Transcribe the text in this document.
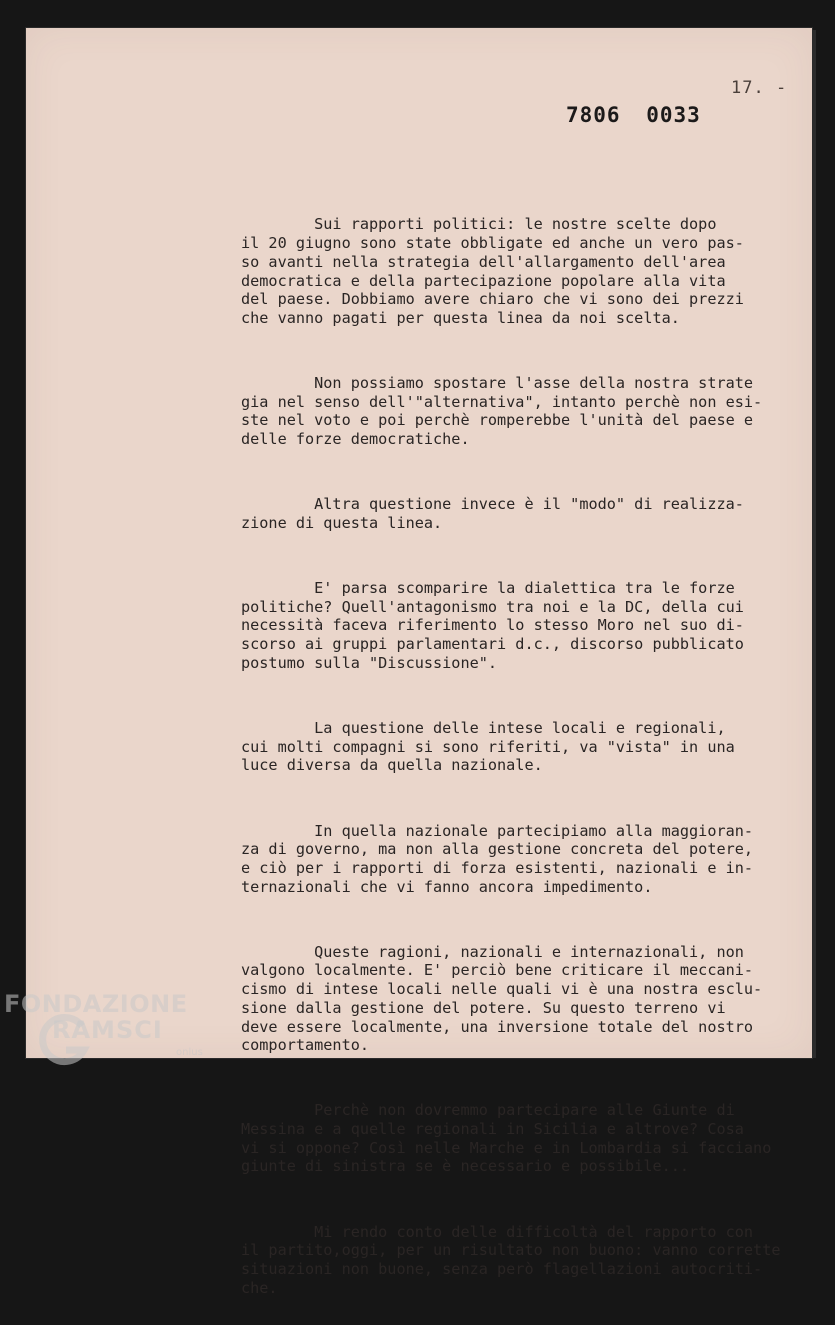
17. -
7806 0033

Sui rapporti politici: le nostre scelte dopo
il 20 giugno sono state obbligate ed anche un vero pas-
so avanti nella strategia dell'allargamento dell'area
democratica e della partecipazione popolare alla vita
del paese. Dobbiamo avere chiaro che vi sono dei prezzi
che vanno pagati per questa linea da noi scelta.

Non possiamo spostare l'asse della nostra strate
gia nel senso dell'"alternativa", intanto perchè non esi-
ste nel voto e poi perchè romperebbe l'unità del paese e
delle forze democratiche.

Altra questione invece è il "modo" di realizza-
zione di questa linea.

E' parsa scomparire la dialettica tra le forze
politiche? Quell'antagonismo tra noi e la DC, della cui
necessità faceva riferimento lo stesso Moro nel suo di-
scorso ai gruppi parlamentari d.c., discorso pubblicato
postumo sulla "Discussione".

La questione delle intese locali e regionali,
cui molti compagni si sono riferiti, va "vista" in una
luce diversa da quella nazionale.

In quella nazionale partecipiamo alla maggioran-
za di governo, ma non alla gestione concreta del potere,
e ciò per i rapporti di forza esistenti, nazionali e in-
ternazionali che vi fanno ancora impedimento.

Queste ragioni, nazionali e internazionali, non
valgono localmente. E' perciò bene criticare il meccani-
cismo di intese locali nelle quali vi è una nostra esclu-
sione dalla gestione del potere. Su questo terreno vi
deve essere localmente, una inversione totale del nostro
comportamento.

Perchè non dovremmo partecipare alle Giunte di
Messina e a quelle regionali in Sicilia e altrove? Cosa
vi si oppone? Così nelle Marche e in Lombardia si facciano
giunte di sinistra se è necessario e possibile...

Mi rendo conto delle difficoltà del rapporto con
il partito,oggi, per un risultato non buono: vanno corrette
situazioni non buone, senza però flagellazioni autocriti-
che.

FONDAZIONE
RAMSCI
onlus
